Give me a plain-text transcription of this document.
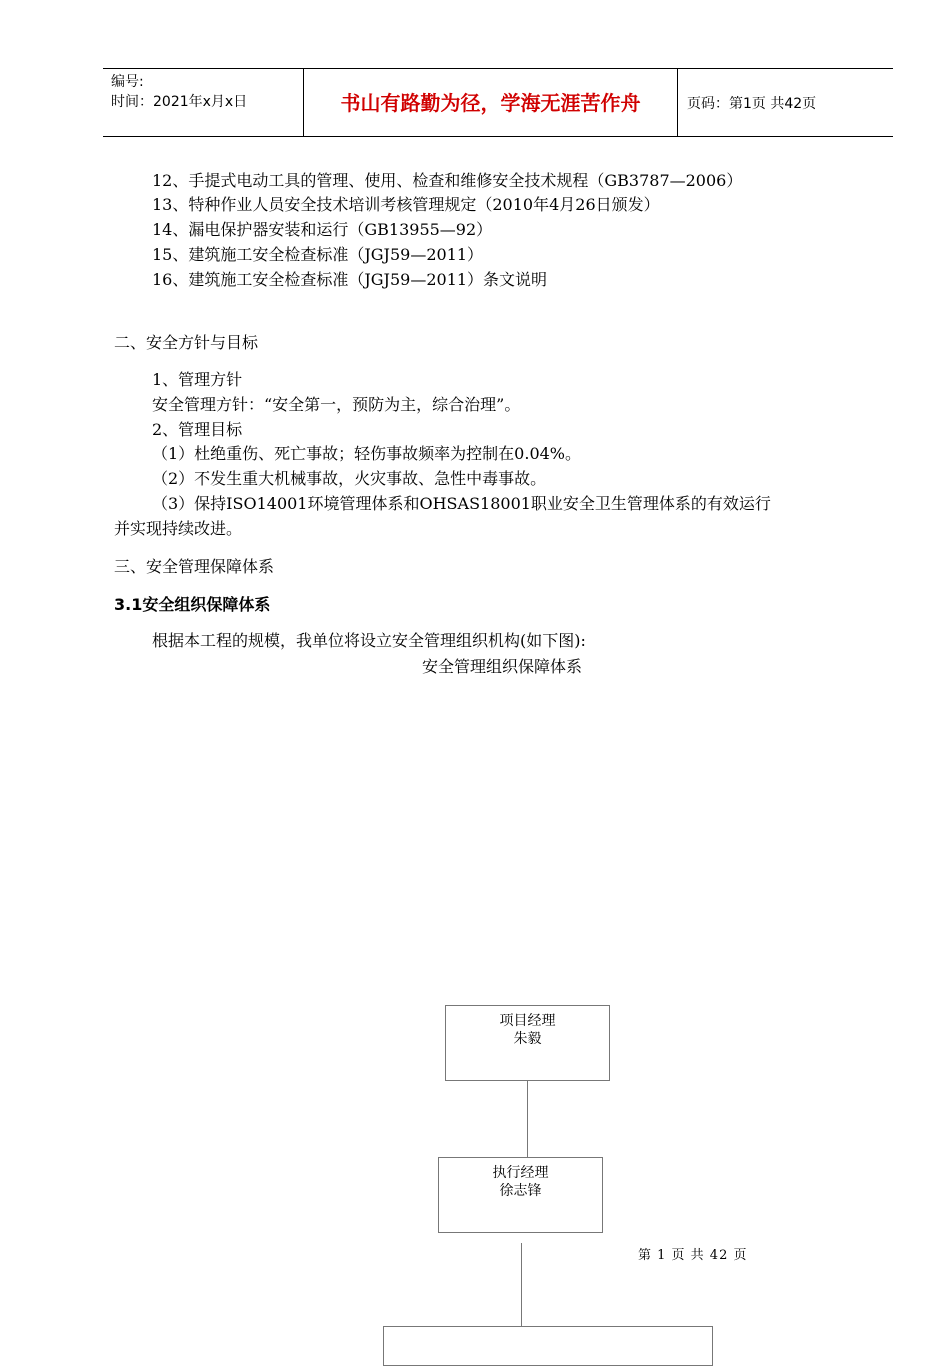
编号:
时间：2021年x月x日	书山有路勤为径，学海无涯苦作舟	页码：第1页 共42页
12、手提式电动工具的管理、使用、检查和维修安全技术规程（GB3787—2006）
13、特种作业人员安全技术培训考核管理规定（2010年4月26日颁发）
14、漏电保护器安装和运行（GB13955—92）
15、建筑施工安全检查标准（JGJ59—2011）
16、建筑施工安全检查标准（JGJ59—2011）条文说明
二、安全方针与目标
1、管理方针
安全管理方针：“安全第一，预防为主，综合治理”。
2、管理目标
（1）杜绝重伤、死亡事故；轻伤事故频率为控制在0.04%。
（2）不发生重大机械事故，火灾事故、急性中毒事故。
（3）保持ISO14001环境管理体系和OHSAS18001职业安全卫生管理体系的有效运行
并实现持续改进。
三、安全管理保障体系
3.1安全组织保障体系
根据本工程的规模，我单位将设立安全管理组织机构(如下图):
安全管理组织保障体系
项目经理
朱毅
执行经理
徐志锋
第 1 页 共 42 页
